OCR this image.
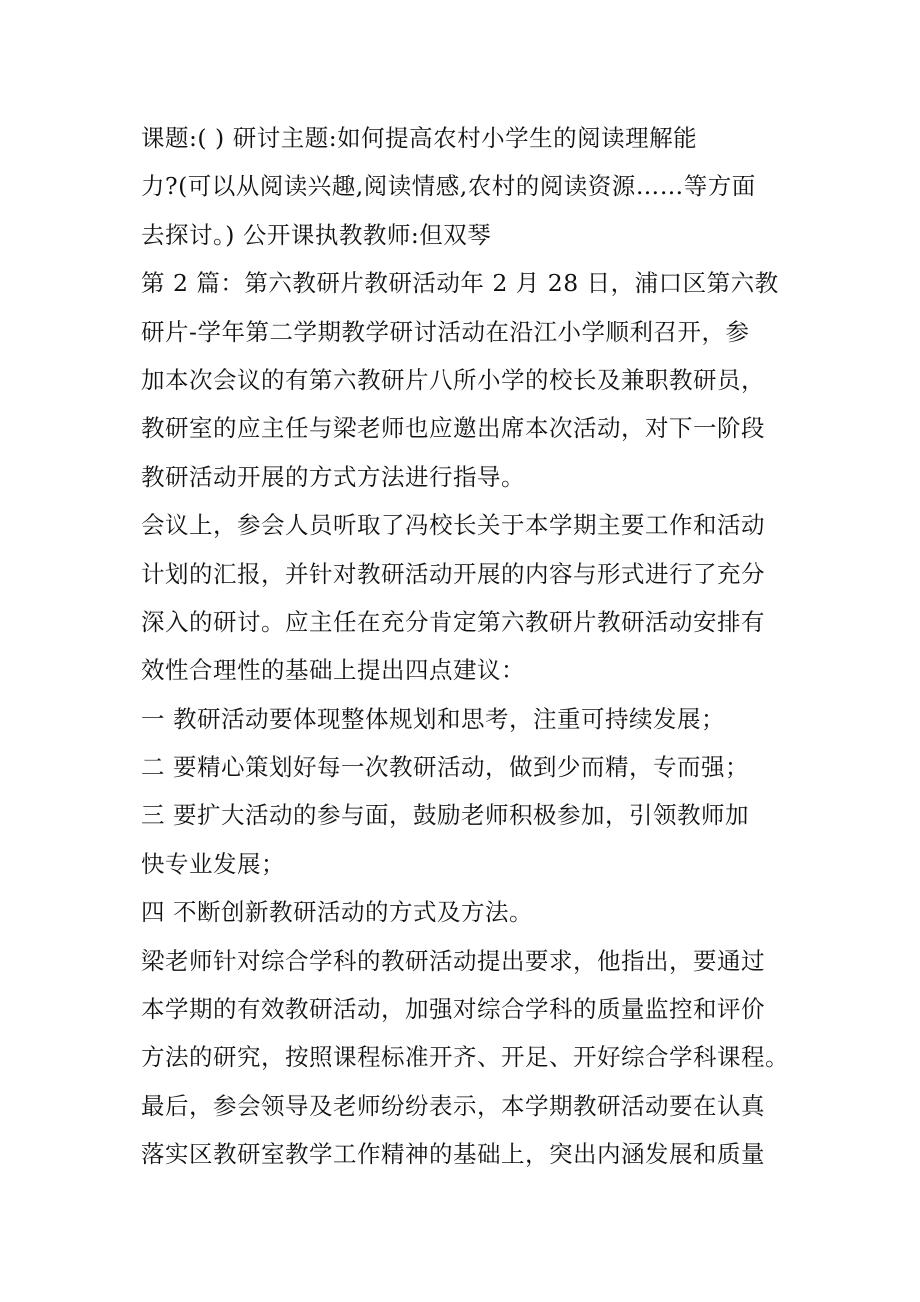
课题:( ) 研讨主题:如何提高农村小学生的阅读理解能
力?(可以从阅读兴趣,阅读情感,农村的阅读资源……等方面
去探讨。) 公开课执教教师:但双琴
第 2 篇：第六教研片教研活动年 2 月 28 日，浦口区第六教
研片-学年第二学期教学研讨活动在沿江小学顺利召开，参
加本次会议的有第六教研片八所小学的校长及兼职教研员，
教研室的应主任与梁老师也应邀出席本次活动，对下一阶段
教研活动开展的方式方法进行指导。
会议上，参会人员听取了冯校长关于本学期主要工作和活动
计划的汇报，并针对教研活动开展的内容与形式进行了充分
深入的研讨。应主任在充分肯定第六教研片教研活动安排有
效性合理性的基础上提出四点建议：
一 教研活动要体现整体规划和思考，注重可持续发展；
二 要精心策划好每一次教研活动，做到少而精，专而强；
三 要扩大活动的参与面，鼓励老师积极参加，引领教师加
快专业发展；
四 不断创新教研活动的方式及方法。
梁老师针对综合学科的教研活动提出要求，他指出，要通过
本学期的有效教研活动，加强对综合学科的质量监控和评价
方法的研究，按照课程标准开齐、开足、开好综合学科课程。
最后，参会领导及老师纷纷表示，本学期教研活动要在认真
落实区教研室教学工作精神的基础上，突出内涵发展和质量
